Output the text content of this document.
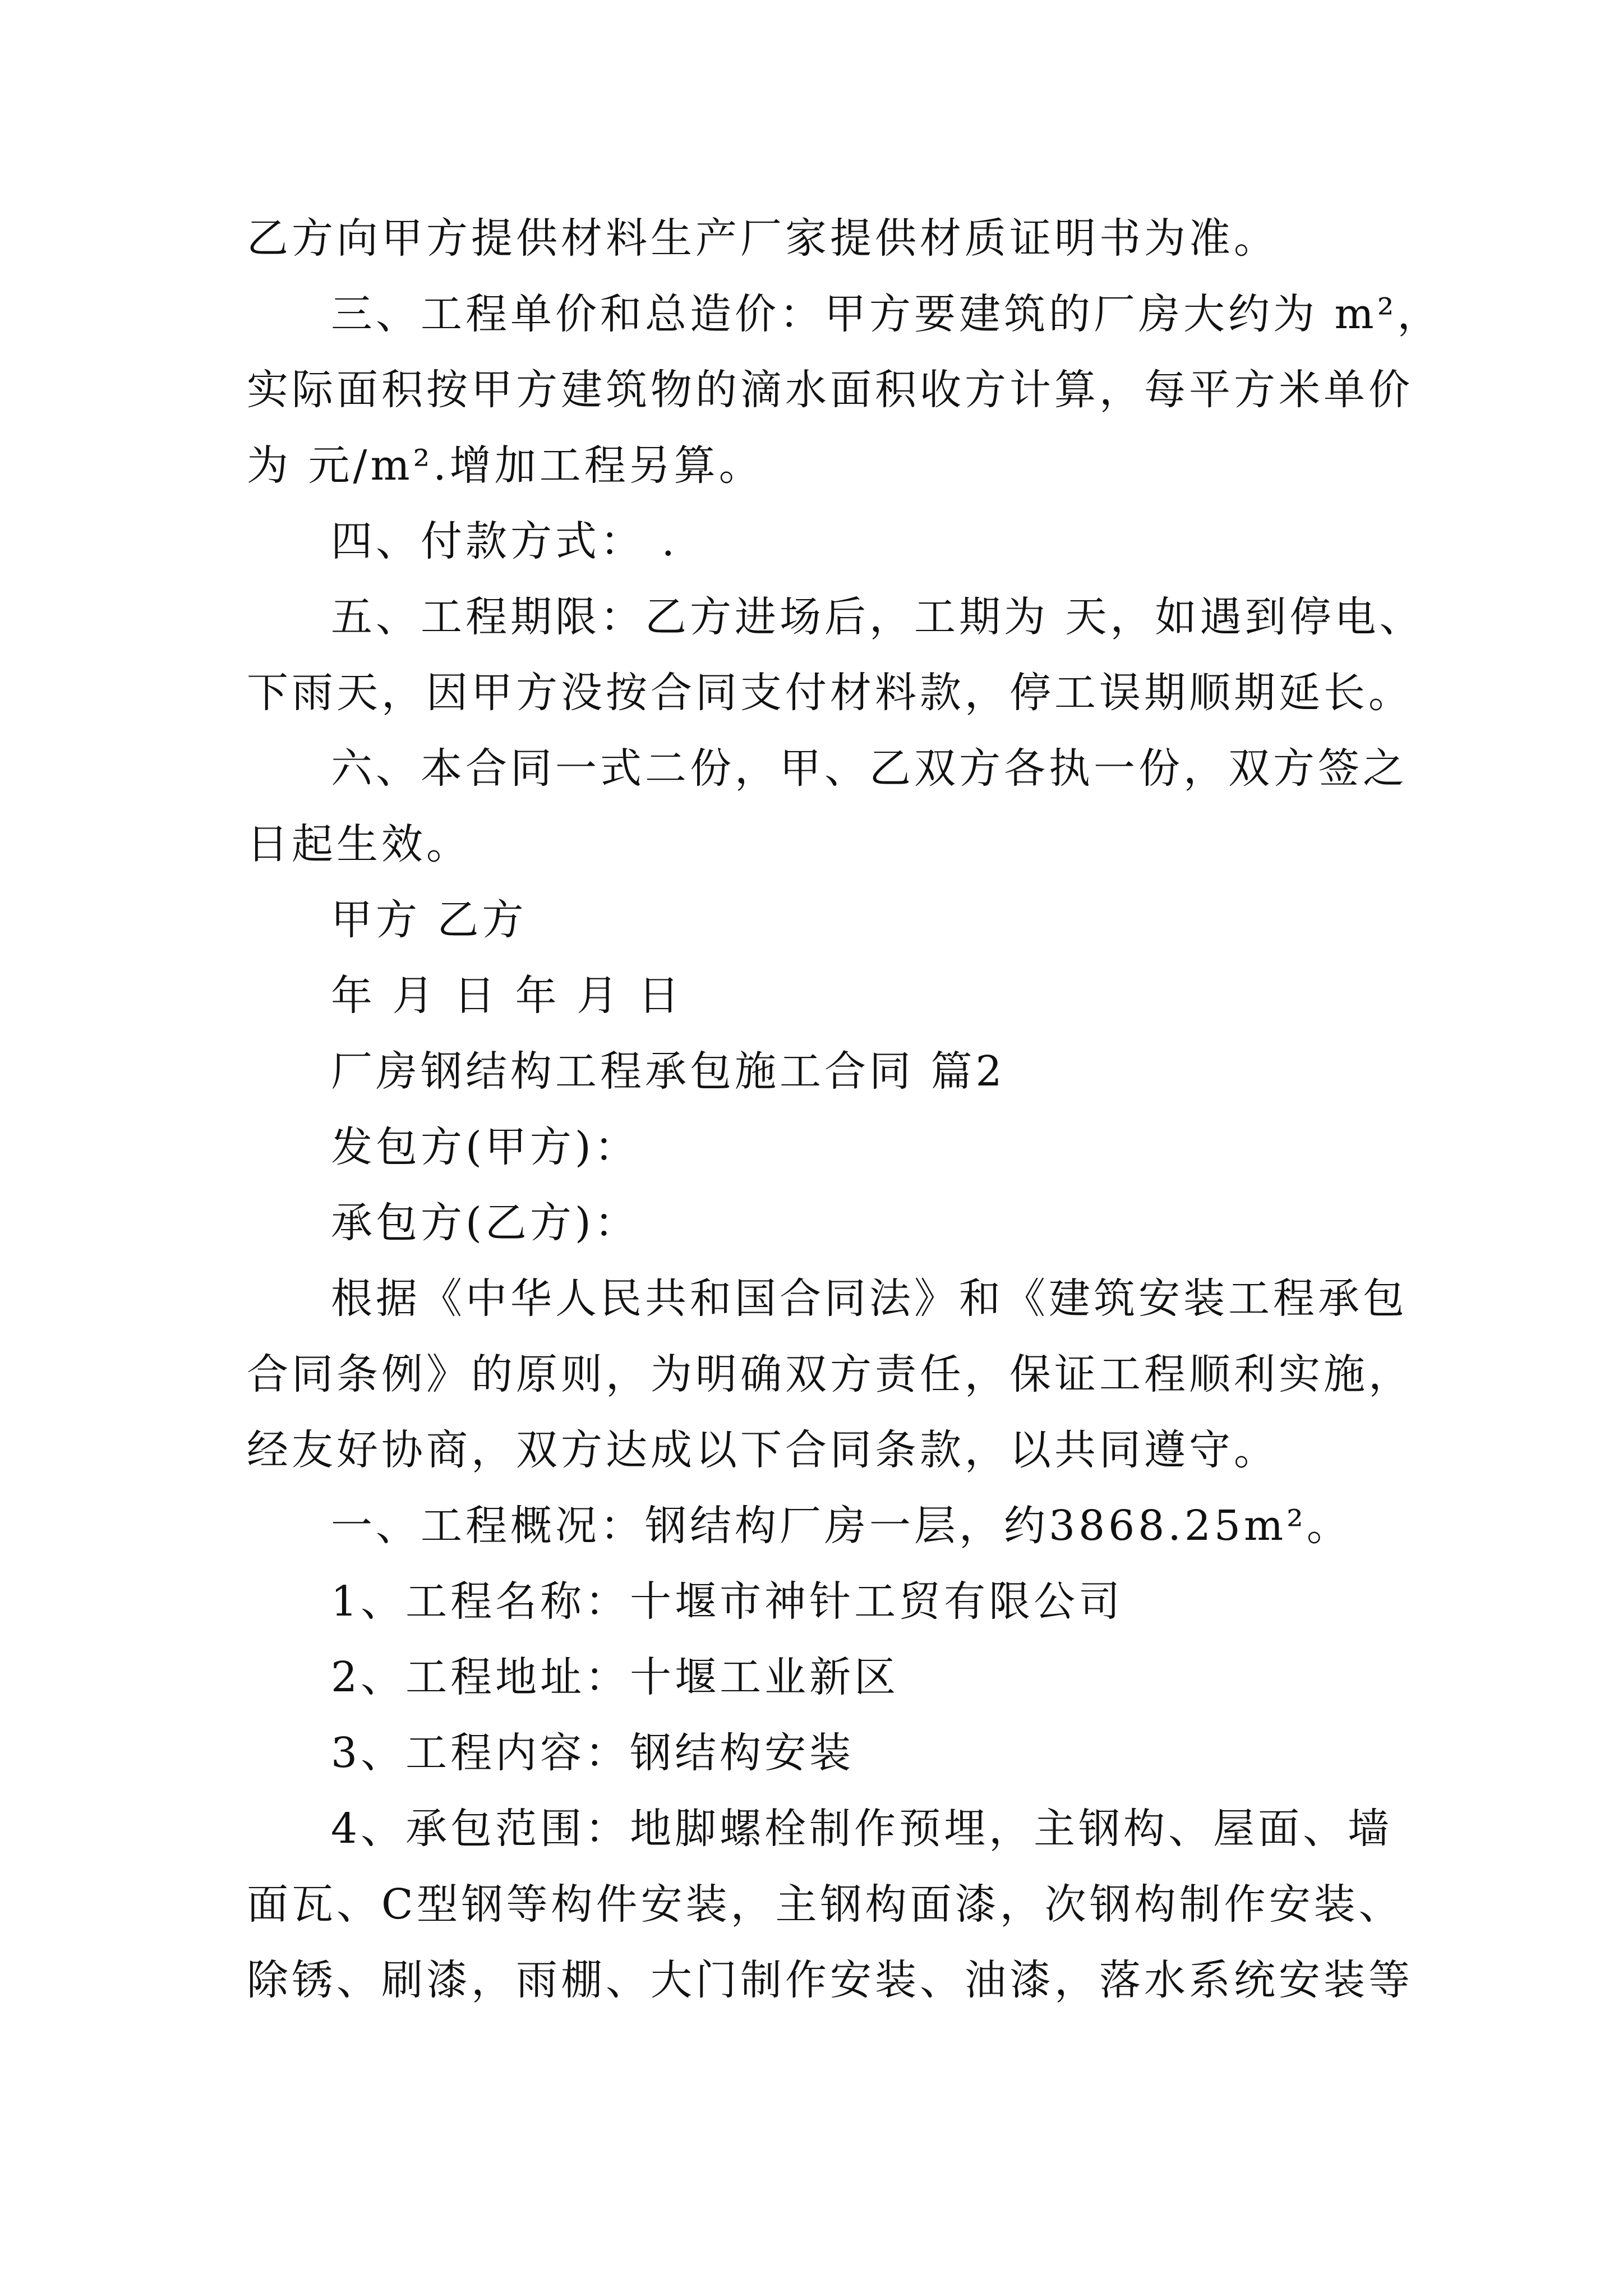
乙方向甲方提供材料生产厂家提供材质证明书为准。
三、工程单价和总造价：甲方要建筑的厂房大约为 m²，
实际面积按甲方建筑物的滴水面积收方计算，每平方米单价
为 元/m².增加工程另算。
四、付款方式： .
五、工程期限：乙方进场后，工期为 天，如遇到停电、
下雨天，因甲方没按合同支付材料款，停工误期顺期延长。
六、本合同一式二份，甲、乙双方各执一份，双方签之
日起生效。
甲方 乙方
年 月 日 年 月 日
厂房钢结构工程承包施工合同 篇2
发包方(甲方)：
承包方(乙方)：
根据《中华人民共和国合同法》和《建筑安装工程承包
合同条例》的原则，为明确双方责任，保证工程顺利实施，
经友好协商，双方达成以下合同条款，以共同遵守。
一、工程概况：钢结构厂房一层，约3868.25m²。
1、工程名称：十堰市神针工贸有限公司
2、工程地址：十堰工业新区
3、工程内容：钢结构安装
4、承包范围：地脚螺栓制作预埋，主钢构、屋面、墙
面瓦、C型钢等构件安装，主钢构面漆，次钢构制作安装、
除锈、刷漆，雨棚、大门制作安装、油漆，落水系统安装等
